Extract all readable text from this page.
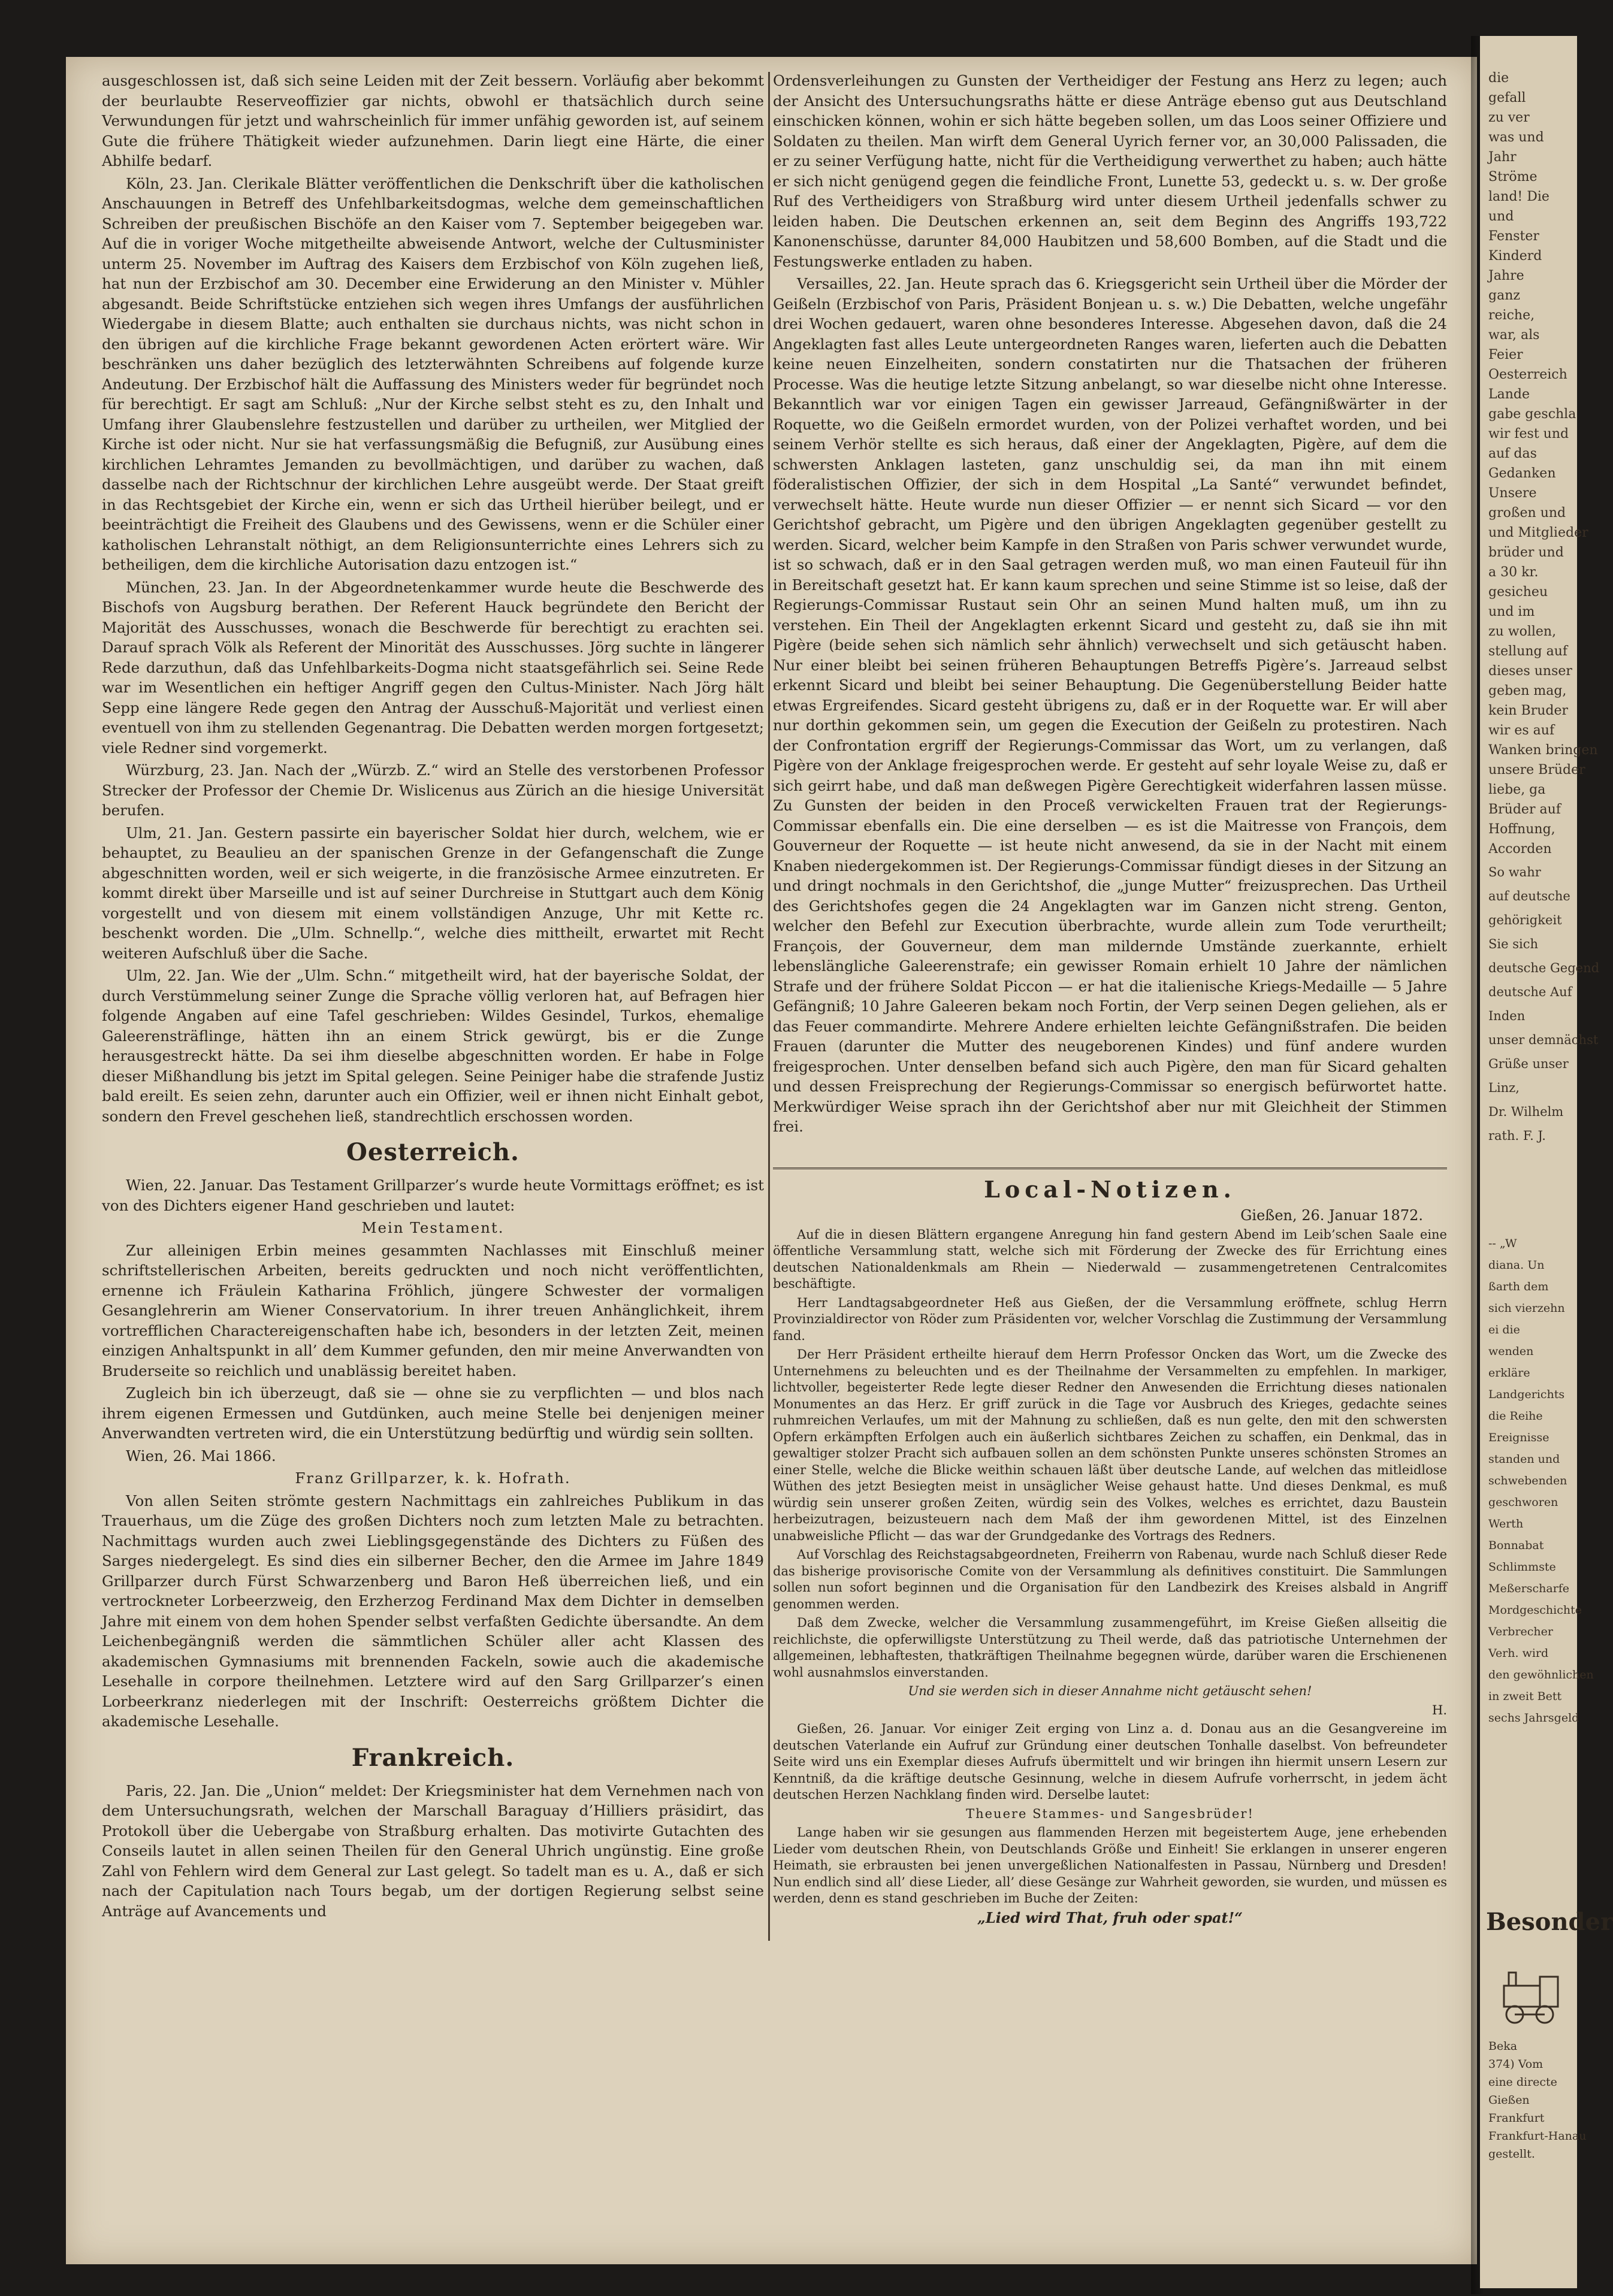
ausgeschlossen ist, daß sich seine Leiden mit der Zeit bessern. Vorläufig aber bekommt der beurlaubte Reserveoffizier gar nichts, obwohl er thatsächlich durch seine Verwundungen für jetzt und wahrscheinlich für immer unfähig geworden ist, auf seinem Gute die frühere Thätigkeit wieder aufzunehmen. Darin liegt eine Härte, die einer Abhilfe bedarf.

Köln, 23. Jan. Clerikale Blätter veröffentlichen die Denkschrift über die katholischen Anschauungen in Betreff des Unfehlbarkeitsdogmas, welche dem gemeinschaftlichen Schreiben der preußischen Bischöfe an den Kaiser vom 7. September beigegeben war. Auf die in voriger Woche mitgetheilte abweisende Antwort, welche der Cultusminister unterm 25. November im Auftrag des Kaisers dem Erzbischof von Köln zugehen ließ, hat nun der Erzbischof am 30. December eine Erwiderung an den Minister v. Mühler abgesandt. Beide Schriftstücke entziehen sich wegen ihres Umfangs der ausführlichen Wiedergabe in diesem Blatte; auch enthalten sie durchaus nichts, was nicht schon in den übrigen auf die kirchliche Frage bekannt gewordenen Acten erörtert wäre. Wir beschränken uns daher bezüglich des letzterwähnten Schreibens auf folgende kurze Andeutung. Der Erzbischof hält die Auffassung des Ministers weder für begründet noch für berechtigt. Er sagt am Schluß: „Nur der Kirche selbst steht es zu, den Inhalt und Umfang ihrer Glaubenslehre festzustellen und darüber zu urtheilen, wer Mitglied der Kirche ist oder nicht. Nur sie hat verfassungsmäßig die Befugniß, zur Ausübung eines kirchlichen Lehramtes Jemanden zu bevollmächtigen, und darüber zu wachen, daß dasselbe nach der Richtschnur der kirchlichen Lehre ausgeübt werde. Der Staat greift in das Rechtsgebiet der Kirche ein, wenn er sich das Urtheil hierüber beilegt, und er beeinträchtigt die Freiheit des Glaubens und des Gewissens, wenn er die Schüler einer katholischen Lehranstalt nöthigt, an dem Religionsunterrichte eines Lehrers sich zu betheiligen, dem die kirchliche Autorisation dazu entzogen ist.“

München, 23. Jan. In der Abgeordnetenkammer wurde heute die Beschwerde des Bischofs von Augsburg berathen. Der Referent Hauck begründete den Bericht der Majorität des Ausschusses, wonach die Beschwerde für berechtigt zu erachten sei. Darauf sprach Völk als Referent der Minorität des Ausschusses. Jörg suchte in längerer Rede darzuthun, daß das Unfehlbarkeits-Dogma nicht staatsgefährlich sei. Seine Rede war im Wesentlichen ein heftiger Angriff gegen den Cultus-Minister. Nach Jörg hält Sepp eine längere Rede gegen den Antrag der Ausschuß-Majorität und verliest einen eventuell von ihm zu stellenden Gegenantrag. Die Debatten werden morgen fortgesetzt; viele Redner sind vorgemerkt.

Würzburg, 23. Jan. Nach der „Würzb. Z.“ wird an Stelle des verstorbenen Professor Strecker der Professor der Chemie Dr. Wislicenus aus Zürich an die hiesige Universität berufen.

Ulm, 21. Jan. Gestern passirte ein bayerischer Soldat hier durch, welchem, wie er behauptet, zu Beaulieu an der spanischen Grenze in der Gefangenschaft die Zunge abgeschnitten worden, weil er sich weigerte, in die französische Armee einzutreten. Er kommt direkt über Marseille und ist auf seiner Durchreise in Stuttgart auch dem König vorgestellt und von diesem mit einem vollständigen Anzuge, Uhr mit Kette rc. beschenkt worden. Die „Ulm. Schnellp.“, welche dies mittheilt, erwartet mit Recht weiteren Aufschluß über die Sache.

Ulm, 22. Jan. Wie der „Ulm. Schn.“ mitgetheilt wird, hat der bayerische Soldat, der durch Verstümmelung seiner Zunge die Sprache völlig verloren hat, auf Befragen hier folgende Angaben auf eine Tafel geschrieben: Wildes Gesindel, Turkos, ehemalige Galeerensträflinge, hätten ihn an einem Strick gewürgt, bis er die Zunge herausgestreckt hätte. Da sei ihm dieselbe abgeschnitten worden. Er habe in Folge dieser Mißhandlung bis jetzt im Spital gelegen. Seine Peiniger habe die strafende Justiz bald ereilt. Es seien zehn, darunter auch ein Offizier, weil er ihnen nicht Einhalt gebot, sondern den Frevel geschehen ließ, standrechtlich erschossen worden.

Oesterreich.

Wien, 22. Januar. Das Testament Grillparzer’s wurde heute Vormittags eröffnet; es ist von des Dichters eigener Hand geschrieben und lautet:

Mein Testament.

Zur alleinigen Erbin meines gesammten Nachlasses mit Einschluß meiner schriftstellerischen Arbeiten, bereits gedruckten und noch nicht veröffentlichten, ernenne ich Fräulein Katharina Fröhlich, jüngere Schwester der vormaligen Gesanglehrerin am Wiener Conservatorium. In ihrer treuen Anhänglichkeit, ihrem vortrefflichen Charactereigenschaften habe ich, besonders in der letzten Zeit, meinen einzigen Anhaltspunkt in all’ dem Kummer gefunden, den mir meine Anverwandten von Bruderseite so reichlich und unablässig bereitet haben.

Zugleich bin ich überzeugt, daß sie — ohne sie zu verpflichten — und blos nach ihrem eigenen Ermessen und Gutdünken, auch meine Stelle bei denjenigen meiner Anverwandten vertreten wird, die ein Unterstützung bedürftig und würdig sein sollten.

Wien, 26. Mai 1866.

Franz Grillparzer, k. k. Hofrath.

Von allen Seiten strömte gestern Nachmittags ein zahlreiches Publikum in das Trauerhaus, um die Züge des großen Dichters noch zum letzten Male zu betrachten. Nachmittags wurden auch zwei Lieblingsgegenstände des Dichters zu Füßen des Sarges niedergelegt. Es sind dies ein silberner Becher, den die Armee im Jahre 1849 Grillparzer durch Fürst Schwarzenberg und Baron Heß überreichen ließ, und ein vertrockneter Lorbeerzweig, den Erzherzog Ferdinand Max dem Dichter in demselben Jahre mit einem von dem hohen Spender selbst verfaßten Gedichte übersandte. An dem Leichenbegängniß werden die sämmtlichen Schüler aller acht Klassen des akademischen Gymnasiums mit brennenden Fackeln, sowie auch die akademische Lesehalle in corpore theilnehmen. Letztere wird auf den Sarg Grillparzer’s einen Lorbeerkranz niederlegen mit der Inschrift: Oesterreichs größtem Dichter die akademische Lesehalle.

Frankreich.

Paris, 22. Jan. Die „Union“ meldet: Der Kriegsminister hat dem Vernehmen nach von dem Untersuchungsrath, welchen der Marschall Baraguay d’Hilliers präsidirt, das Protokoll über die Uebergabe von Straßburg erhalten. Das motivirte Gutachten des Conseils lautet in allen seinen Theilen für den General Uhrich ungünstig. Eine große Zahl von Fehlern wird dem General zur Last gelegt. So tadelt man es u. A., daß er sich nach der Capitulation nach Tours begab, um der dortigen Regierung selbst seine Anträge auf Avancements und

Ordensverleihungen zu Gunsten der Vertheidiger der Festung ans Herz zu legen; auch der Ansicht des Untersuchungsraths hätte er diese Anträge ebenso gut aus Deutschland einschicken können, wohin er sich hätte begeben sollen, um das Loos seiner Offiziere und Soldaten zu theilen. Man wirft dem General Uyrich ferner vor, an 30,000 Palissaden, die er zu seiner Verfügung hatte, nicht für die Vertheidigung verwerthet zu haben; auch hätte er sich nicht genügend gegen die feindliche Front, Lunette 53, gedeckt u. s. w. Der große Ruf des Vertheidigers von Straßburg wird unter diesem Urtheil jedenfalls schwer zu leiden haben. Die Deutschen erkennen an, seit dem Beginn des Angriffs 193,722 Kanonenschüsse, darunter 84,000 Haubitzen und 58,600 Bomben, auf die Stadt und die Festungswerke entladen zu haben.

Versailles, 22. Jan. Heute sprach das 6. Kriegsgericht sein Urtheil über die Mörder der Geißeln (Erzbischof von Paris, Präsident Bonjean u. s. w.) Die Debatten, welche ungefähr drei Wochen gedauert, waren ohne besonderes Interesse. Abgesehen davon, daß die 24 Angeklagten fast alles Leute untergeordneten Ranges waren, lieferten auch die Debatten keine neuen Einzelheiten, sondern constatirten nur die Thatsachen der früheren Processe. Was die heutige letzte Sitzung anbelangt, so war dieselbe nicht ohne Interesse. Bekanntlich war vor einigen Tagen ein gewisser Jarreaud, Gefängnißwärter in der Roquette, wo die Geißeln ermordet wurden, von der Polizei verhaftet worden, und bei seinem Verhör stellte es sich heraus, daß einer der Angeklagten, Pigère, auf dem die schwersten Anklagen lasteten, ganz unschuldig sei, da man ihn mit einem föderalistischen Offizier, der sich in dem Hospital „La Santé“ verwundet befindet, verwechselt hätte. Heute wurde nun dieser Offizier — er nennt sich Sicard — vor den Gerichtshof gebracht, um Pigère und den übrigen Angeklagten gegenüber gestellt zu werden. Sicard, welcher beim Kampfe in den Straßen von Paris schwer verwundet wurde, ist so schwach, daß er in den Saal getragen werden muß, wo man einen Fauteuil für ihn in Bereitschaft gesetzt hat. Er kann kaum sprechen und seine Stimme ist so leise, daß der Regierungs-Commissar Rustaut sein Ohr an seinen Mund halten muß, um ihn zu verstehen. Ein Theil der Angeklagten erkennt Sicard und gesteht zu, daß sie ihn mit Pigère (beide sehen sich nämlich sehr ähnlich) verwechselt und sich getäuscht haben. Nur einer bleibt bei seinen früheren Behauptungen Betreffs Pigère’s. Jarreaud selbst erkennt Sicard und bleibt bei seiner Behauptung. Die Gegenüberstellung Beider hatte etwas Ergreifendes. Sicard gesteht übrigens zu, daß er in der Roquette war. Er will aber nur dorthin gekommen sein, um gegen die Execution der Geißeln zu protestiren. Nach der Confrontation ergriff der Regierungs-Commissar das Wort, um zu verlangen, daß Pigère von der Anklage freigesprochen werde. Er gesteht auf sehr loyale Weise zu, daß er sich geirrt habe, und daß man deßwegen Pigère Gerechtigkeit widerfahren lassen müsse. Zu Gunsten der beiden in den Proceß verwickelten Frauen trat der Regierungs-Commissar ebenfalls ein. Die eine derselben — es ist die Maitresse von François, dem Gouverneur der Roquette — ist heute nicht anwesend, da sie in der Nacht mit einem Knaben niedergekommen ist. Der Regierungs-Commissar fündigt dieses in der Sitzung an und dringt nochmals in den Gerichtshof, die „junge Mutter“ freizusprechen. Das Urtheil des Gerichtshofes gegen die 24 Angeklagten war im Ganzen nicht streng. Genton, welcher den Befehl zur Execution überbrachte, wurde allein zum Tode verurtheilt; François, der Gouverneur, dem man mildernde Umstände zuerkannte, erhielt lebenslängliche Galeerenstrafe; ein gewisser Romain erhielt 10 Jahre der nämlichen Strafe und der frühere Soldat Piccon — er hat die italienische Kriegs-Medaille — 5 Jahre Gefängniß; 10 Jahre Galeeren bekam noch Fortin, der Verp seinen Degen geliehen, als er das Feuer commandirte. Mehrere Andere erhielten leichte Gefängnißstrafen. Die beiden Frauen (darunter die Mutter des neugeborenen Kindes) und fünf andere wurden freigesprochen. Unter denselben befand sich auch Pigère, den man für Sicard gehalten und dessen Freisprechung der Regierungs-Commissar so energisch befürwortet hatte. Merkwürdiger Weise sprach ihn der Gerichtshof aber nur mit Gleichheit der Stimmen frei.

Local-Notizen.
Gießen, 26. Januar 1872.

Auf die in diesen Blättern ergangene Anregung hin fand gestern Abend im Leib’schen Saale eine öffentliche Versammlung statt, welche sich mit Förderung der Zwecke des für Errichtung eines deutschen Nationaldenkmals am Rhein — Niederwald — zusammengetretenen Centralcomites beschäftigte.

Herr Landtagsabgeordneter Heß aus Gießen, der die Versammlung eröffnete, schlug Herrn Provinzialdirector von Röder zum Präsidenten vor, welcher Vorschlag die Zustimmung der Versammlung fand.

Der Herr Präsident ertheilte hierauf dem Herrn Professor Oncken das Wort, um die Zwecke des Unternehmens zu beleuchten und es der Theilnahme der Versammelten zu empfehlen. In markiger, lichtvoller, begeisterter Rede legte dieser Redner den Anwesenden die Errichtung dieses nationalen Monumentes an das Herz. Er griff zurück in die Tage vor Ausbruch des Krieges, gedachte seines ruhmreichen Verlaufes, um mit der Mahnung zu schließen, daß es nun gelte, den mit den schwersten Opfern erkämpften Erfolgen auch ein äußerlich sichtbares Zeichen zu schaffen, ein Denkmal, das in gewaltiger stolzer Pracht sich aufbauen sollen an dem schönsten Punkte unseres schönsten Stromes an einer Stelle, welche die Blicke weithin schauen läßt über deutsche Lande, auf welchen das mitleidlose Wüthen des jetzt Besiegten meist in unsäglicher Weise gehaust hatte. Und dieses Denkmal, es muß würdig sein unserer großen Zeiten, würdig sein des Volkes, welches es errichtet, dazu Baustein herbeizutragen, beizusteuern nach dem Maß der ihm gewordenen Mittel, ist des Einzelnen unabweisliche Pflicht — das war der Grundgedanke des Vortrags des Redners.

Auf Vorschlag des Reichstagsabgeordneten, Freiherrn von Rabenau, wurde nach Schluß dieser Rede das bisherige provisorische Comite von der Versammlung als definitives constituirt. Die Sammlungen sollen nun sofort beginnen und die Organisation für den Landbezirk des Kreises alsbald in Angriff genommen werden.

Daß dem Zwecke, welcher die Versammlung zusammengeführt, im Kreise Gießen allseitig die reichlichste, die opferwilligste Unterstützung zu Theil werde, daß das patriotische Unternehmen der allgemeinen, lebhaftesten, thatkräftigen Theilnahme begegnen würde, darüber waren die Erschienenen wohl ausnahmslos einverstanden.

Und sie werden sich in dieser Annahme nicht getäuscht sehen!

H.

Gießen, 26. Januar. Vor einiger Zeit erging von Linz a. d. Donau aus an die Gesangvereine im deutschen Vaterlande ein Aufruf zur Gründung einer deutschen Tonhalle daselbst. Von befreundeter Seite wird uns ein Exemplar dieses Aufrufs übermittelt und wir bringen ihn hiermit unsern Lesern zur Kenntniß, da die kräftige deutsche Gesinnung, welche in diesem Aufrufe vorherrscht, in jedem ächt deutschen Herzen Nachklang finden wird. Derselbe lautet:

Theuere Stammes- und Sangesbrüder!

Lange haben wir sie gesungen aus flammenden Herzen mit begeistertem Auge, jene erhebenden Lieder vom deutschen Rhein, von Deutschlands Größe und Einheit! Sie erklangen in unserer engeren Heimath, sie erbrausten bei jenen unvergeßlichen Nationalfesten in Passau, Nürnberg und Dresden! Nun endlich sind all’ diese Lieder, all’ diese Gesänge zur Wahrheit geworden, sie wurden, und müssen es werden, denn es stand geschrieben im Buche der Zeiten:

„Lied wird That, fruh oder spat!“

die
gefall
zu ver
was und
Jahr
Ströme
land! Die
und
Fenster
Kinderd
Jahre
ganz
reiche,
war, als
Feier
Oesterreich
Lande
gabe geschla
wir fest und
auf das
Gedanken
Unsere
großen und
und Mitglieder
brüder und
a 30 kr.
gesicheu
und im
zu wollen,
stellung auf
dieses unser
geben mag,
kein Bruder
wir es auf
Wanken bringen
unsere Brüder
liebe, ga
Brüder auf
Hoffnung,
Accorden
So wahr
auf deutsche
gehörigkeit
Sie sich
deutsche Gegend
deutsche Auf
Inden
unser demnächst
Grüße unser
Linz,
Dr. Wilhelm
rath. F. J.
-- „W
diana. Un
ßarth dem
sich vierzehn
ei die
wenden
erkläre
Landgerichts
die Reihe
Ereignisse
standen und
schwebenden
geschworen
Werth
Bonnabat
Schlimmste
Meßerscharfe
Mordgeschichte
Verbrecher
Verh. wird
den gewöhnlichen
in zweit Bett
sechs Jahrsgeld
Besonder
Beka
374) Vom
eine directe
Gießen
Frankfurt
Frankfurt-Hanau
gestellt.
